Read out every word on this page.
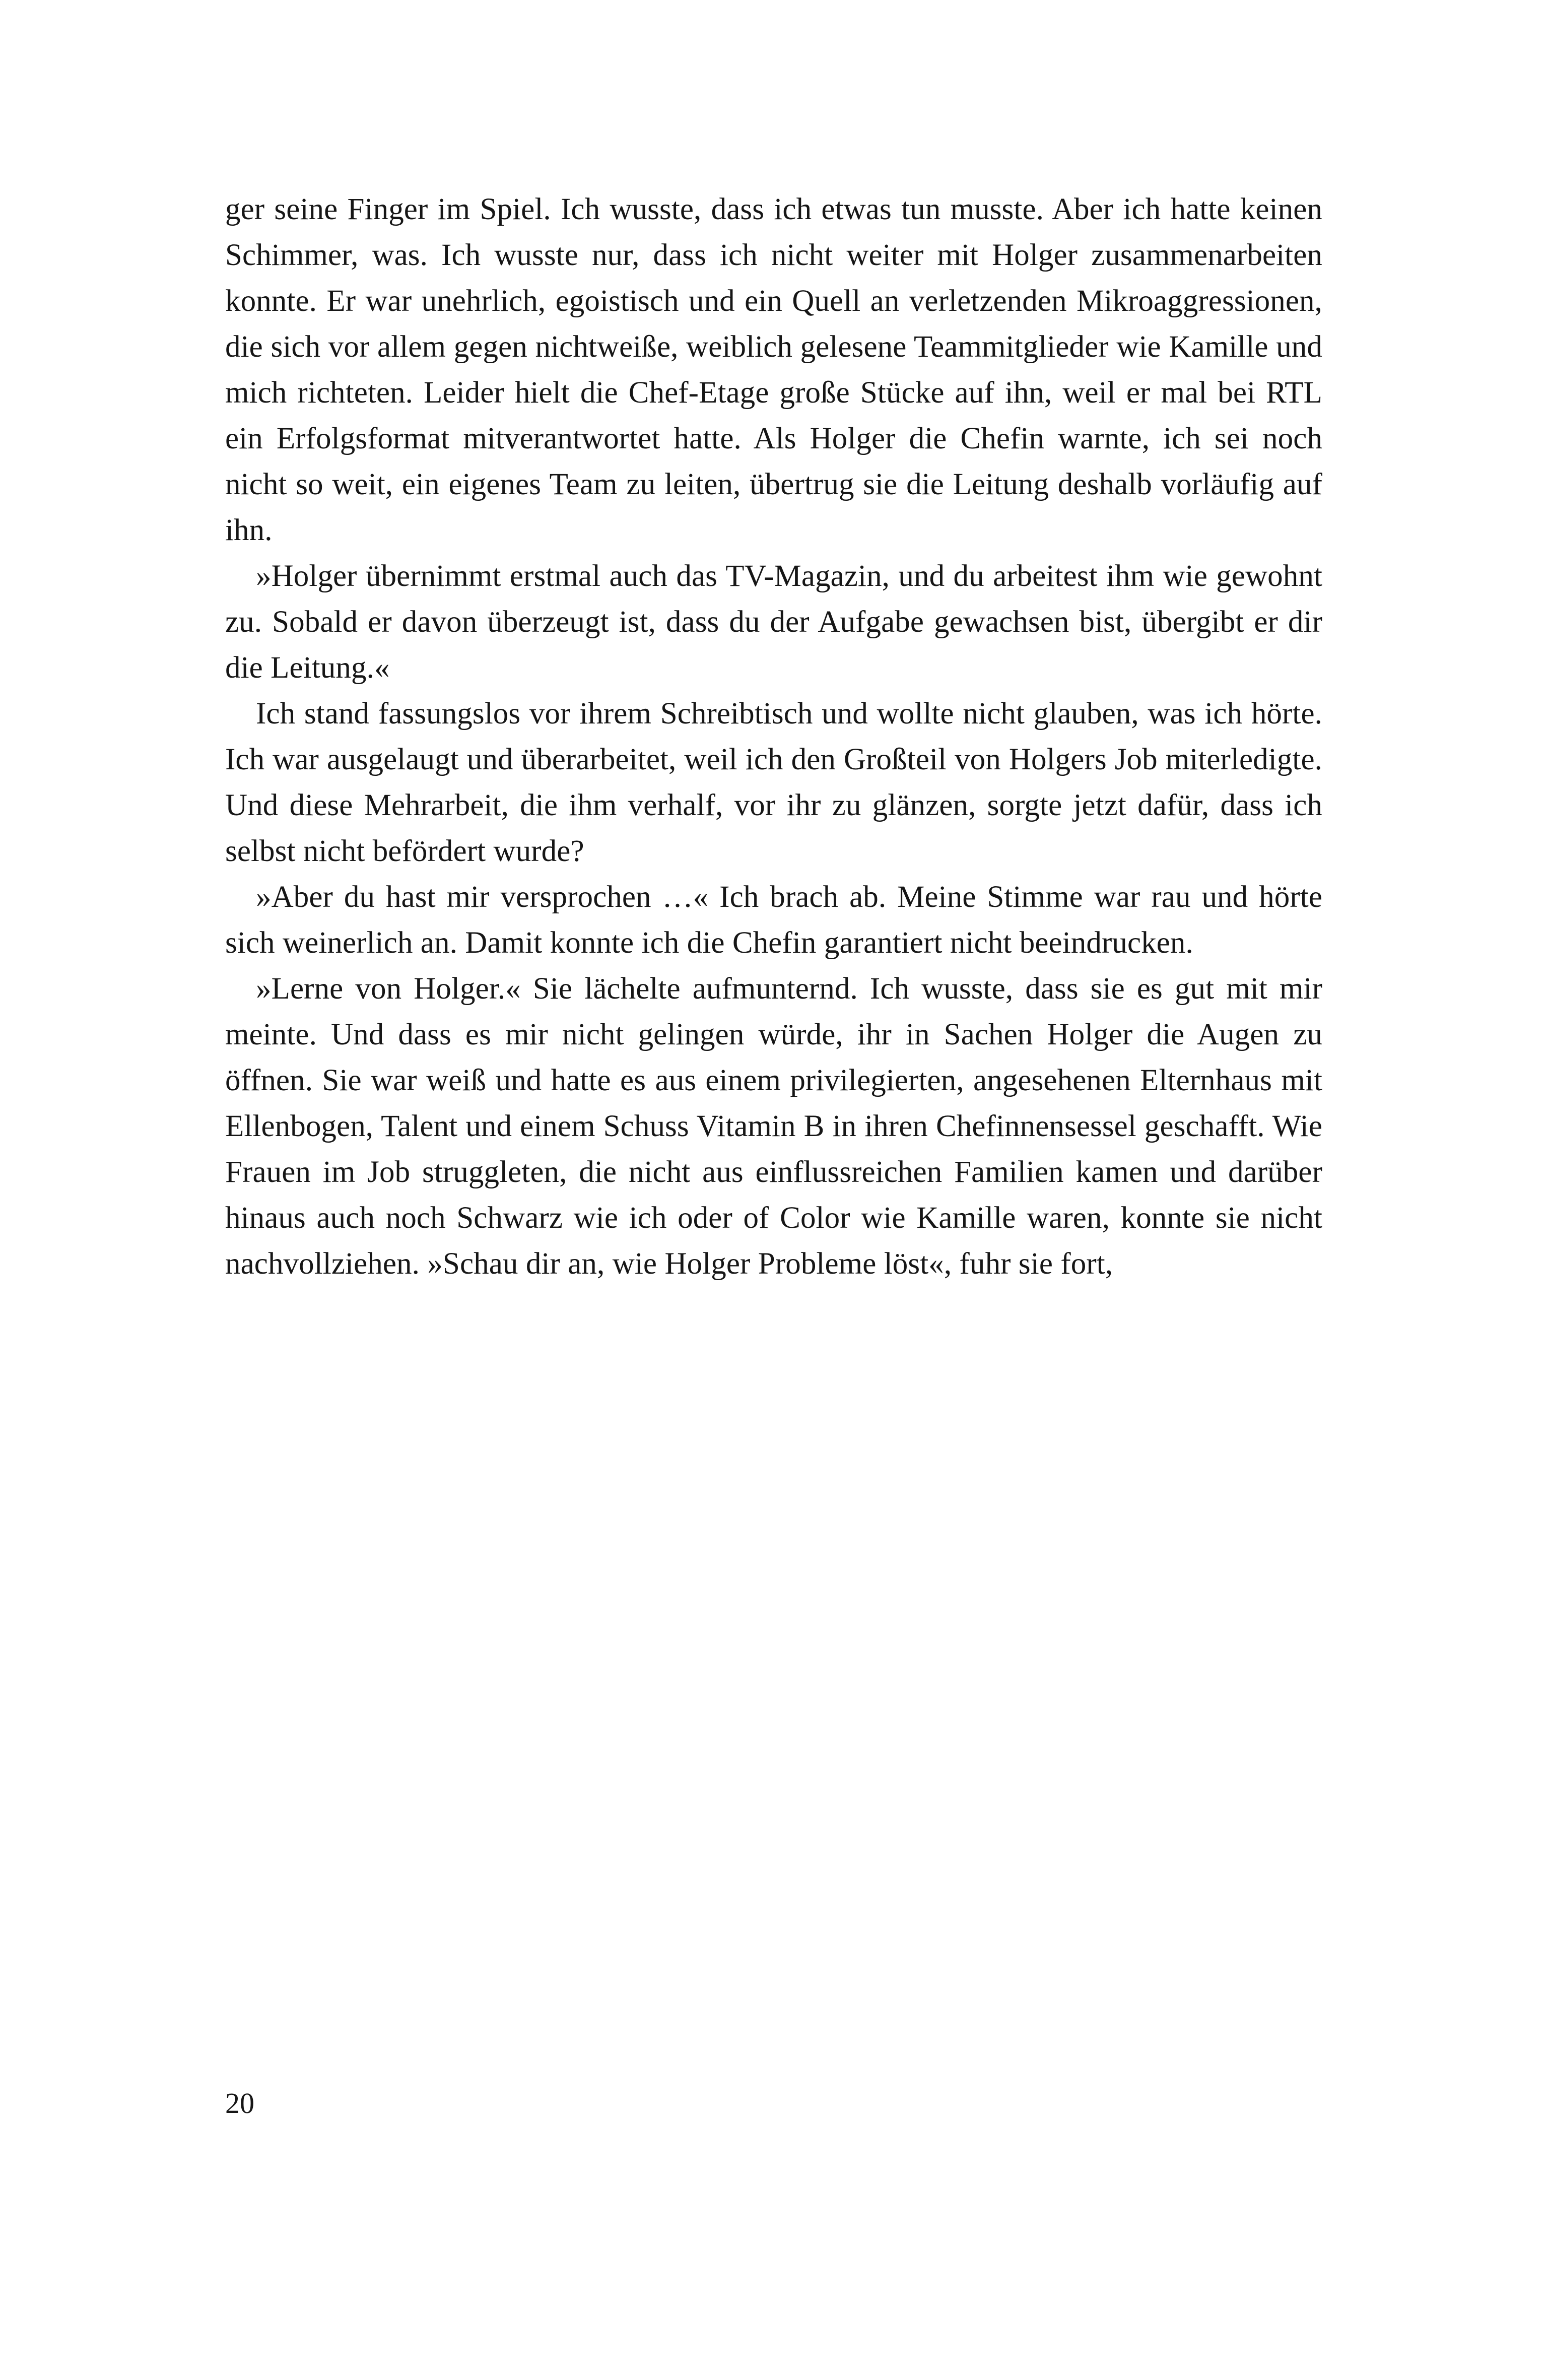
ger seine Finger im Spiel. Ich wusste, dass ich etwas tun musste. Aber ich hatte keinen Schimmer, was. Ich wusste nur, dass ich nicht weiter mit Holger zusammenarbeiten konnte. Er war unehrlich, egoistisch und ein Quell an verletzenden Mikroaggressionen, die sich vor allem gegen nichtweiße, weiblich gelesene Teammitglieder wie Kamille und mich richteten. Leider hielt die Chef-Etage große Stücke auf ihn, weil er mal bei RTL ein Erfolgsformat mitverantwortet hatte. Als Holger die Chefin warnte, ich sei noch nicht so weit, ein eigenes Team zu leiten, übertrug sie die Leitung deshalb vorläufig auf ihn.

»Holger übernimmt erstmal auch das TV-Magazin, und du arbeitest ihm wie gewohnt zu. Sobald er davon überzeugt ist, dass du der Aufgabe gewachsen bist, übergibt er dir die Leitung.«

Ich stand fassungslos vor ihrem Schreibtisch und wollte nicht glauben, was ich hörte. Ich war ausgelaugt und überarbeitet, weil ich den Großteil von Holgers Job miterledigte. Und diese Mehrarbeit, die ihm verhalf, vor ihr zu glänzen, sorgte jetzt dafür, dass ich selbst nicht befördert wurde?

»Aber du hast mir versprochen …« Ich brach ab. Meine Stimme war rau und hörte sich weinerlich an. Damit konnte ich die Chefin garantiert nicht beeindrucken.

»Lerne von Holger.« Sie lächelte aufmunternd. Ich wusste, dass sie es gut mit mir meinte. Und dass es mir nicht gelingen würde, ihr in Sachen Holger die Augen zu öffnen. Sie war weiß und hatte es aus einem privilegierten, angesehenen Elternhaus mit Ellenbogen, Talent und einem Schuss Vitamin B in ihren Chefinnensessel geschafft. Wie Frauen im Job struggleten, die nicht aus einflussreichen Familien kamen und darüber hinaus auch noch Schwarz wie ich oder of Color wie Kamille waren, konnte sie nicht nachvollziehen. »Schau dir an, wie Holger Probleme löst«, fuhr sie fort,

20
